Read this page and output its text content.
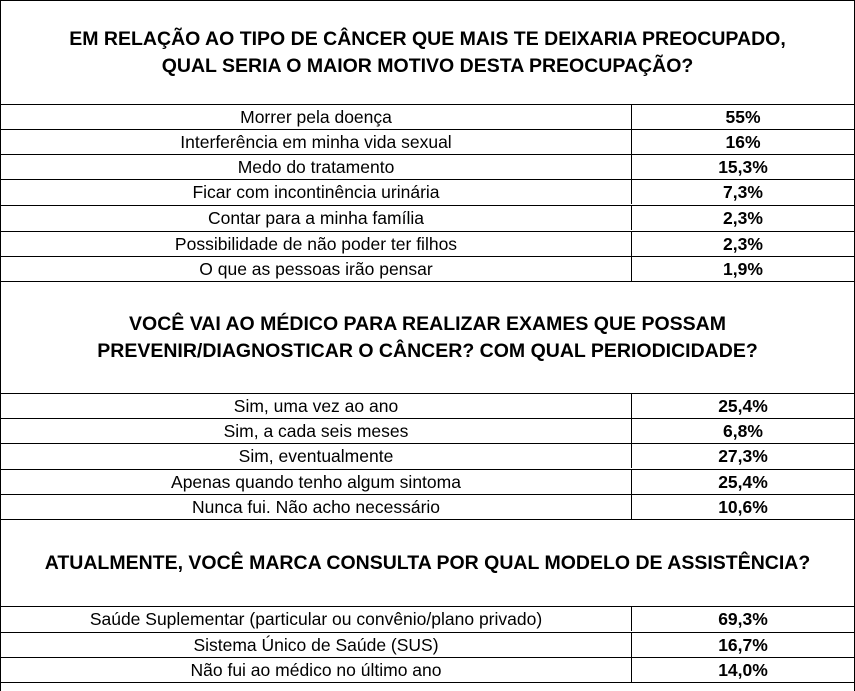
EM RELAÇÃO AO TIPO DE CÂNCER QUE MAIS TE DEIXARIA PREOCUPADO,
QUAL SERIA O MAIOR MOTIVO DESTA PREOCUPAÇÃO?
Morrer pela doença	55%
Interferência em minha vida sexual	16%
Medo do tratamento	15,3%
Ficar com incontinência urinária	7,3%
Contar para a minha família	2,3%
Possibilidade de não poder ter filhos	2,3%
O que as pessoas irão pensar	1,9%
VOCÊ VAI AO MÉDICO PARA REALIZAR EXAMES QUE POSSAM
PREVENIR/DIAGNOSTICAR O CÂNCER? COM QUAL PERIODICIDADE?
Sim, uma vez ao ano	25,4%
Sim, a cada seis meses	6,8%
Sim, eventualmente	27,3%
Apenas quando tenho algum sintoma	25,4%
Nunca fui. Não acho necessário	10,6%
ATUALMENTE, VOCÊ MARCA CONSULTA POR QUAL MODELO DE ASSISTÊNCIA?
Saúde Suplementar (particular ou convênio/plano privado)	69,3%
Sistema Único de Saúde (SUS)	16,7%
Não fui ao médico no último ano	14,0%
